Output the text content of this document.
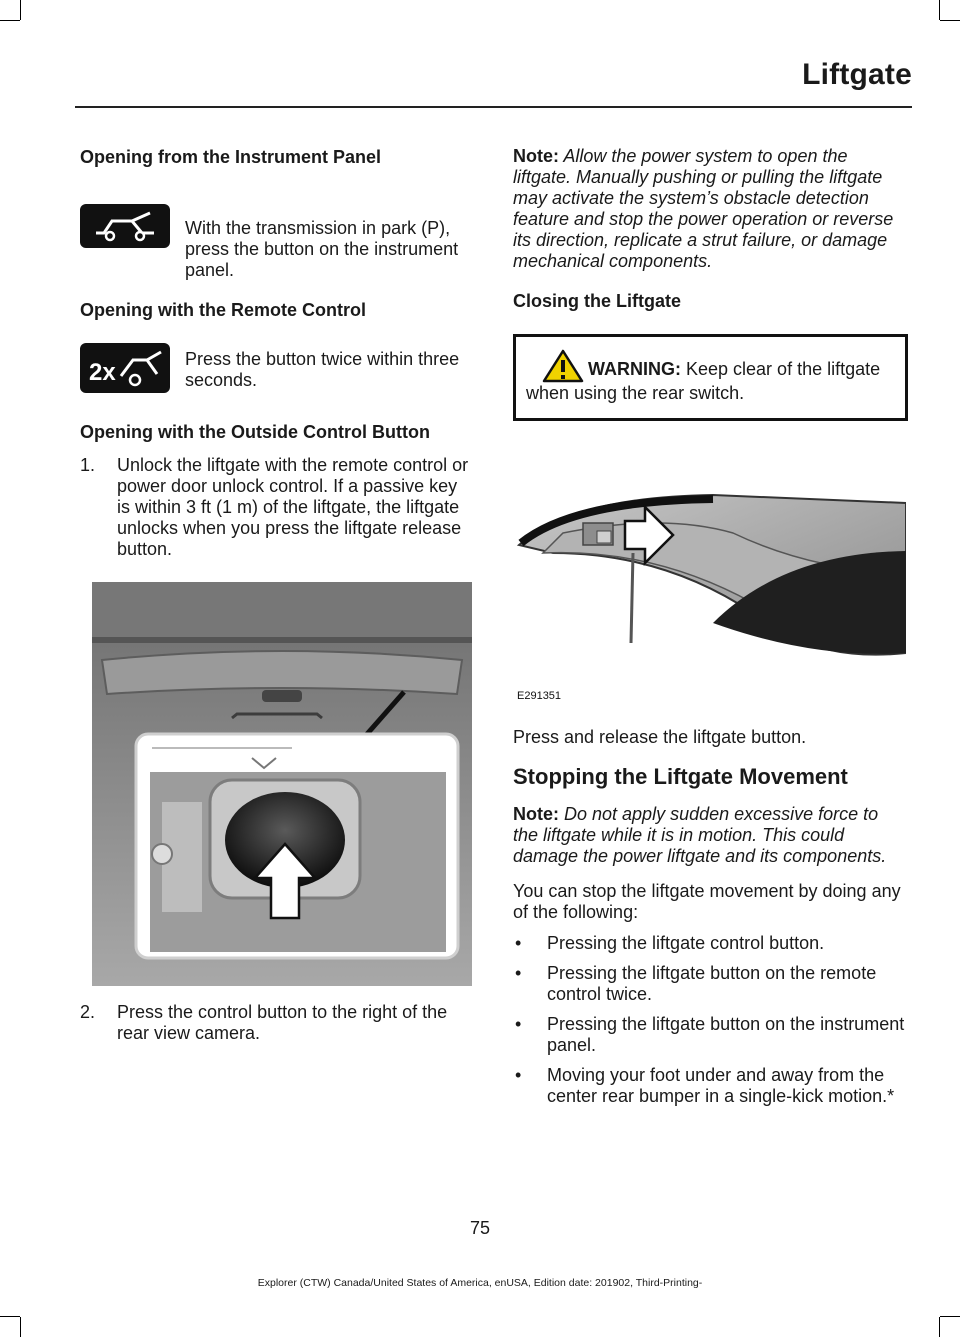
Liftgate
Opening from the Instrument Panel

With the transmission in park (P), press the button on the instrument panel.

Opening with the Remote Control
2x	Press the button twice within three seconds.

Opening with the Outside Control Button
1. Unlock the liftgate with the remote control or power door unlock control. If a passive key is within 3 ft (1 m) of the liftgate, the liftgate unlocks when you press the liftgate release button.
2. Press the control button to the right of the rear view camera.

Note: Allow the power system to open the liftgate. Manually pushing or pulling the liftgate may activate the system’s obstacle detection feature and stop the power operation or reverse its direction, replicate a strut failure, or damage mechanical components.

Closing the Liftgate

WARNING: Keep clear of the liftgate when using the rear switch.

E291351

Press and release the liftgate button.

Stopping the Liftgate Movement

Note: Do not apply sudden excessive force to the liftgate while it is in motion. This could damage the power liftgate and its components.

You can stop the liftgate movement by doing any of the following:

• Pressing the liftgate control button.
• Pressing the liftgate button on the remote control twice.
• Pressing the liftgate button on the instrument panel.
• Moving your foot under and away from the center rear bumper in a single-kick motion.*
75
Explorer (CTW) Canada/United States of America, enUSA, Edition date: 201902, Third-Printing-
